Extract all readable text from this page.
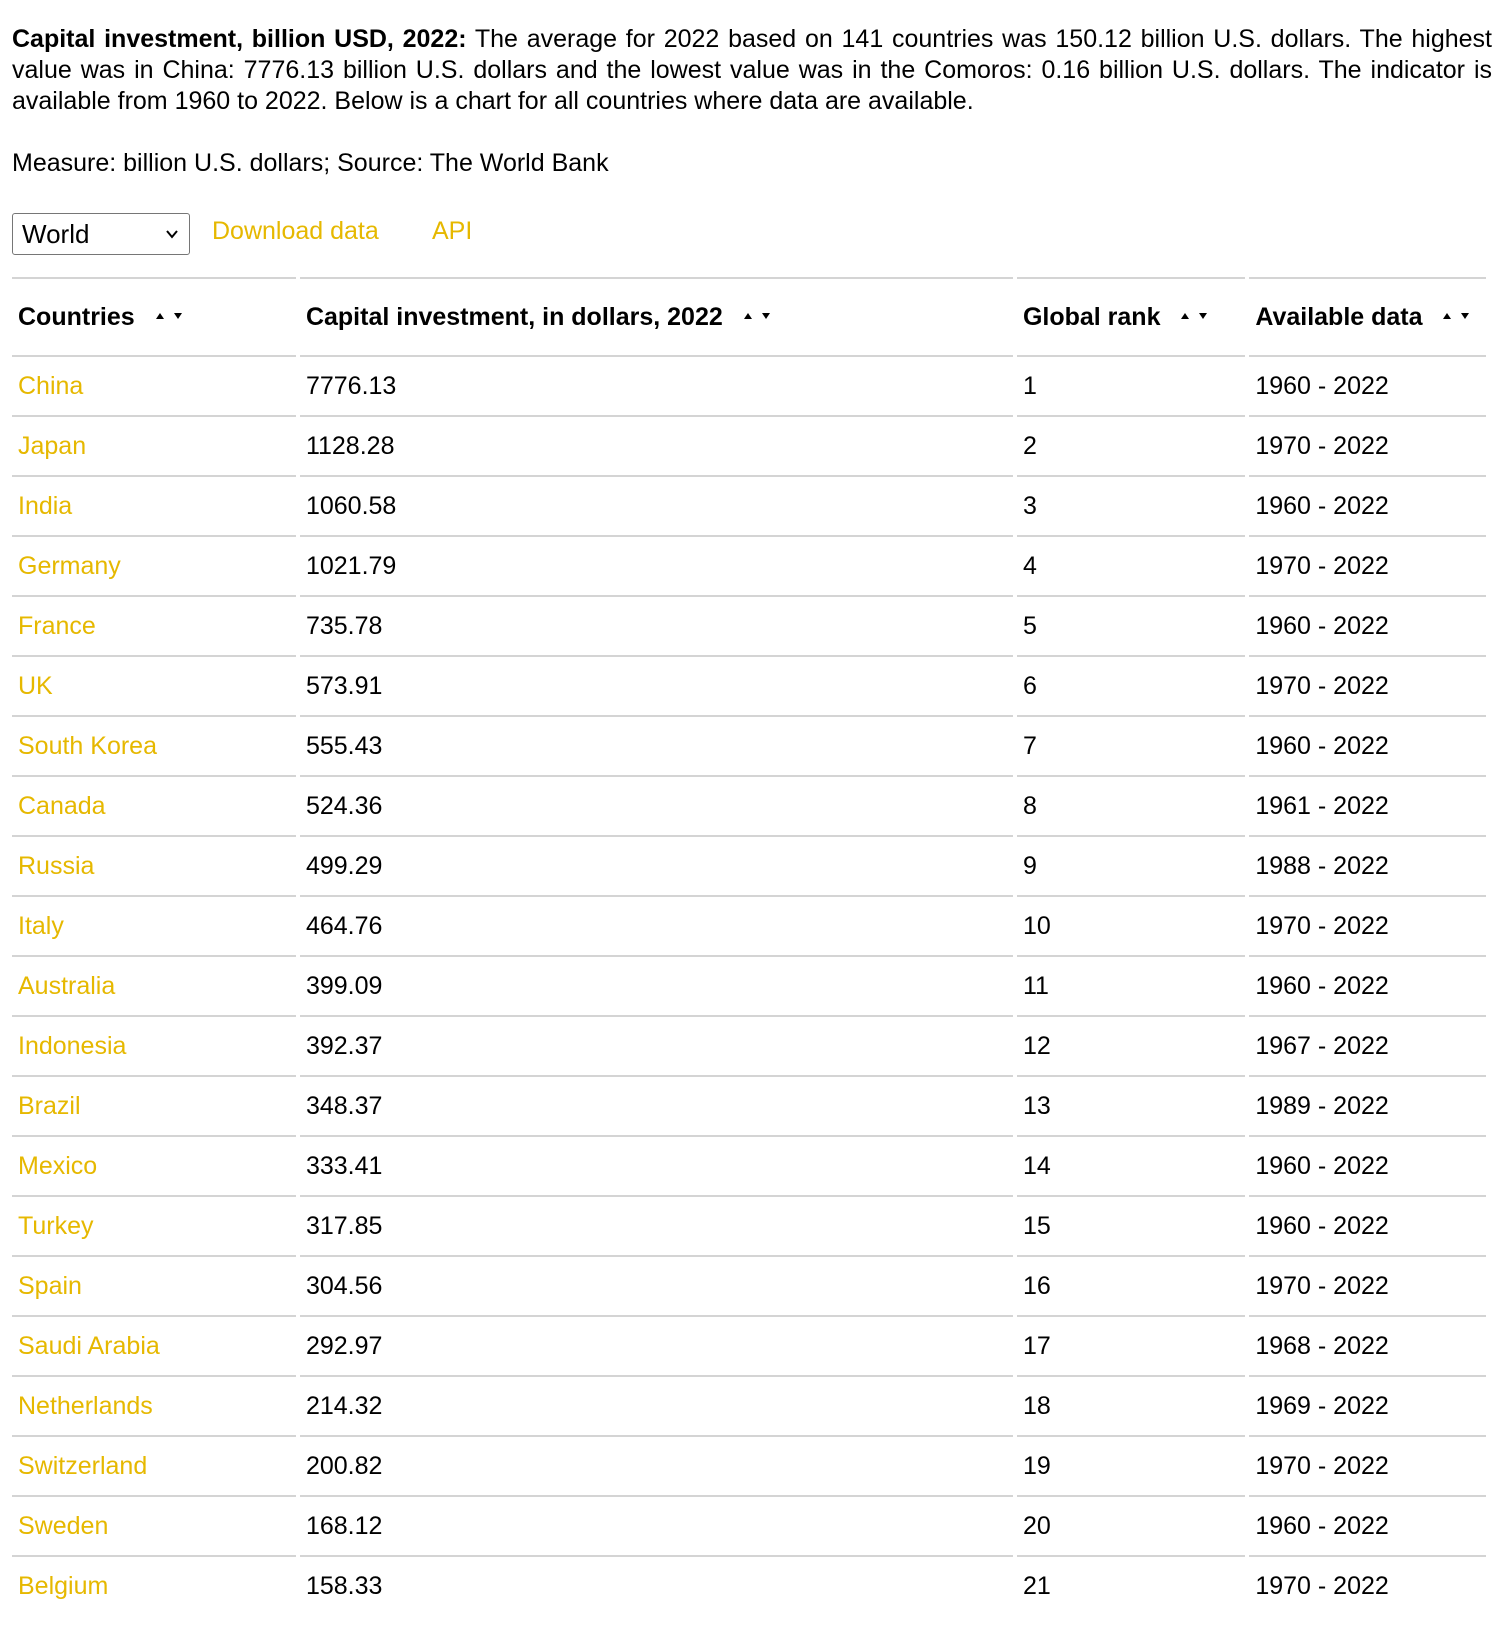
Capital investment, billion USD, 2022: The average for 2022 based on 141 countries was 150.12 billion U.S. dollars. The highest value was in China: 7776.13 billion U.S. dollars and the lowest value was in the Comoros: 0.16 billion U.S. dollars. The indicator is available from 1960 to 2022. Below is a chart for all countries where data are available.

Measure: billion U.S. dollars; Source: The World Bank

World	Download data API
Countries	Capital investment, in dollars, 2022	Global rank	Available data

China	7776.13	1	1960 - 2022
Japan	1128.28	2	1970 - 2022
India	1060.58	3	1960 - 2022
Germany	1021.79	4	1970 - 2022
France	735.78	5	1960 - 2022
UK	573.91	6	1970 - 2022
South Korea	555.43	7	1960 - 2022
Canada	524.36	8	1961 - 2022
Russia	499.29	9	1988 - 2022
Italy	464.76	10	1970 - 2022
Australia	399.09	11	1960 - 2022
Indonesia	392.37	12	1967 - 2022
Brazil	348.37	13	1989 - 2022
Mexico	333.41	14	1960 - 2022
Turkey	317.85	15	1960 - 2022
Spain	304.56	16	1970 - 2022
Saudi Arabia	292.97	17	1968 - 2022
Netherlands	214.32	18	1969 - 2022
Switzerland	200.82	19	1970 - 2022
Sweden	168.12	20	1960 - 2022
Belgium	158.33	21	1970 - 2022
